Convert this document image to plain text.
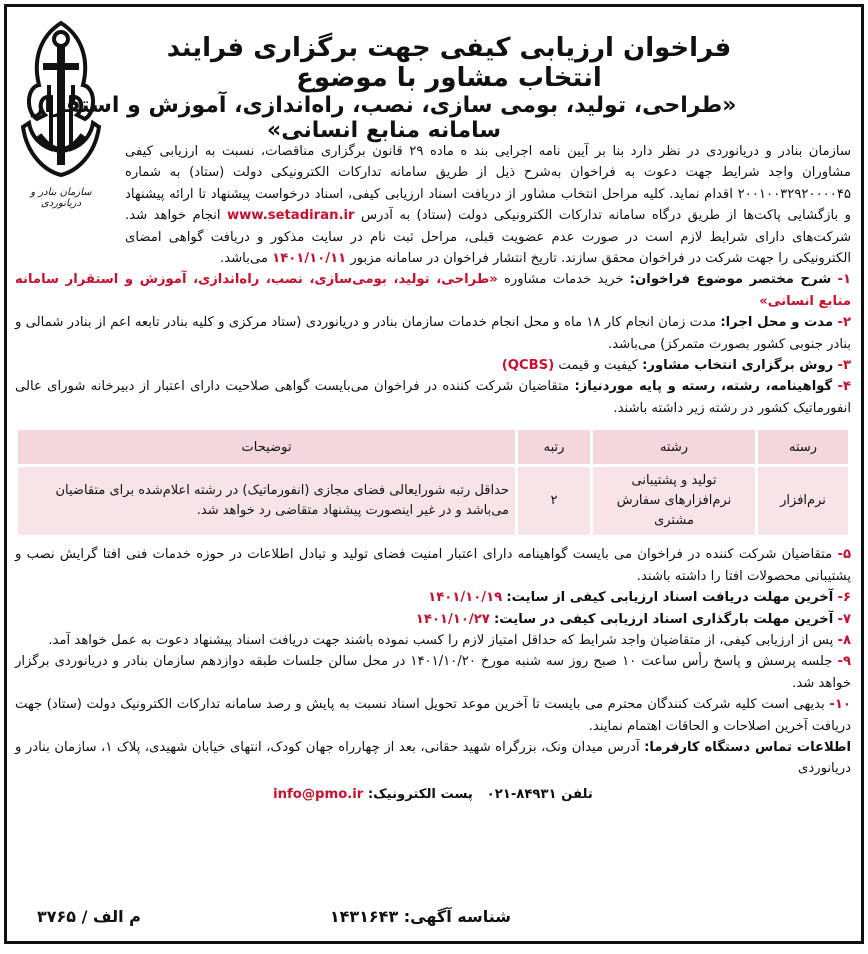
سازمان بنادر و دریانوردی
فراخوان ارزیابی کیفی جهت برگزاری فرایند انتخاب مشاور با موضوع
«طراحی، تولید، بومی سازی، نصب، راه‌اندازی، آموزش و استقرار سامانه منابع انسانی»

سازمان بنادر و دریانوردی در نظر دارد بنا بر آیین نامه اجرایی بند ه ماده ۲۹ قانون برگزاری مناقصات، نسبت به ارزیابی کیفی مشاوران واجد شرایط جهت دعوت به فراخوان به‌شرح ذیل از طریق سامانه تدارکات الکترونیکی دولت (ستاد) به شماره ۲۰۰۱۰۰۳۲۹۲۰۰۰۰۴۵ اقدام نماید. کلیه مراحل انتخاب مشاور از دریافت اسناد ارزیابی کیفی، اسناد درخواست پیشنهاد تا ارائه پیشنهاد و بازگشایی پاکت‌ها از طریق درگاه سامانه تدارکات الکترونیکی دولت (ستاد) به آدرس www.setadiran.ir انجام خواهد شد. شرکت‌های دارای شرایط لازم است در صورت عدم عضویت قبلی، مراحل ثبت نام در سایت مذکور و دریافت گواهی امضای الکترونیکی را جهت شرکت در فراخوان محقق سازند. تاریخ انتشار فراخوان در سامانه مزبور ۱۴۰۱/۱۰/۱۱ می‌باشد.

۱- شرح مختصر موضوع فراخوان: خرید خدمات مشاوره «طراحی، تولید، بومی‌سازی، نصب، راه‌اندازی، آموزش و استقرار سامانه منابع انسانی»

۲- مدت و محل اجرا: مدت زمان انجام کار ۱۸ ماه و محل انجام خدمات سازمان بنادر و دریانوردی (ستاد مرکزی و کلیه بنادر تابعه اعم از بنادر شمالی و بنادر جنوبی کشور بصورت متمرکز) می‌باشد.

۳- روش برگزاری انتخاب مشاور: کیفیت و قیمت (QCBS)

۴- گواهینامه، رشته، رسته و پایه موردنیاز: متقاضیان شرکت کننده در فراخوان می‌بایست گواهی صلاحیت دارای اعتبار از دبیرخانه شورای عالی انفورماتیک کشور در رشته زیر داشته باشند.

رسته	رشته	رتبه	توضیحات
نرم‌افزار	تولید و پشتیبانی نرم‌افزارهای سفارش مشتری	۲	حداقل رتبه شورایعالی فضای مجازی (انفورماتیک) در رشته اعلام‌شده برای متقاضیان می‌باشد و در غیر اینصورت پیشنهاد متقاضی رد خواهد شد.

۵- متقاضیان شرکت کننده در فراخوان می بایست گواهینامه دارای اعتبار امنیت فضای تولید و تبادل اطلاعات در حوزه خدمات فنی افتا گرایش نصب و پشتیبانی محصولات افتا را داشته باشند.

۶- آخرین مهلت دریافت اسناد ارزیابی کیفی از سایت: ۱۴۰۱/۱۰/۱۹

۷- آخرین مهلت بارگذاری اسناد ارزیابی کیفی در سایت: ۱۴۰۱/۱۰/۲۷

۸- پس از ارزیابی کیفی، از متقاضیان واجد شرایط که حداقل امتیاز لازم را کسب نموده باشند جهت دریافت اسناد پیشنهاد دعوت به عمل خواهد آمد.

۹- جلسه پرسش و پاسخ رأس ساعت ۱۰ صبح روز سه شنبه مورخ ۱۴۰۱/۱۰/۲۰ در محل سالن جلسات طبقه دوازدهم سازمان بنادر و دریانوردی برگزار خواهد شد.

۱۰- بدیهی است کلیه شرکت کنندگان محترم می بایست تا آخرین موعد تحویل اسناد نسبت به پایش و رصد سامانه تدارکات الکترونیک دولت (ستاد) جهت دریافت آخرین اصلاحات و الحاقات اهتمام نمایند.

اطلاعات تماس دستگاه کارفرما: آدرس میدان ونک، بزرگراه شهید حقانی، بعد از چهارراه جهان کودک، انتهای خیابان شهیدی، پلاک ۱، سازمان بنادر و دریانوردی

تلفن ۸۴۹۳۱-۰۲۱   پست الکترونیک: info@pmo.ir

شناسه آگهی: ۱۴۳۱۶۴۳
م الف / ۳۷۶۵
